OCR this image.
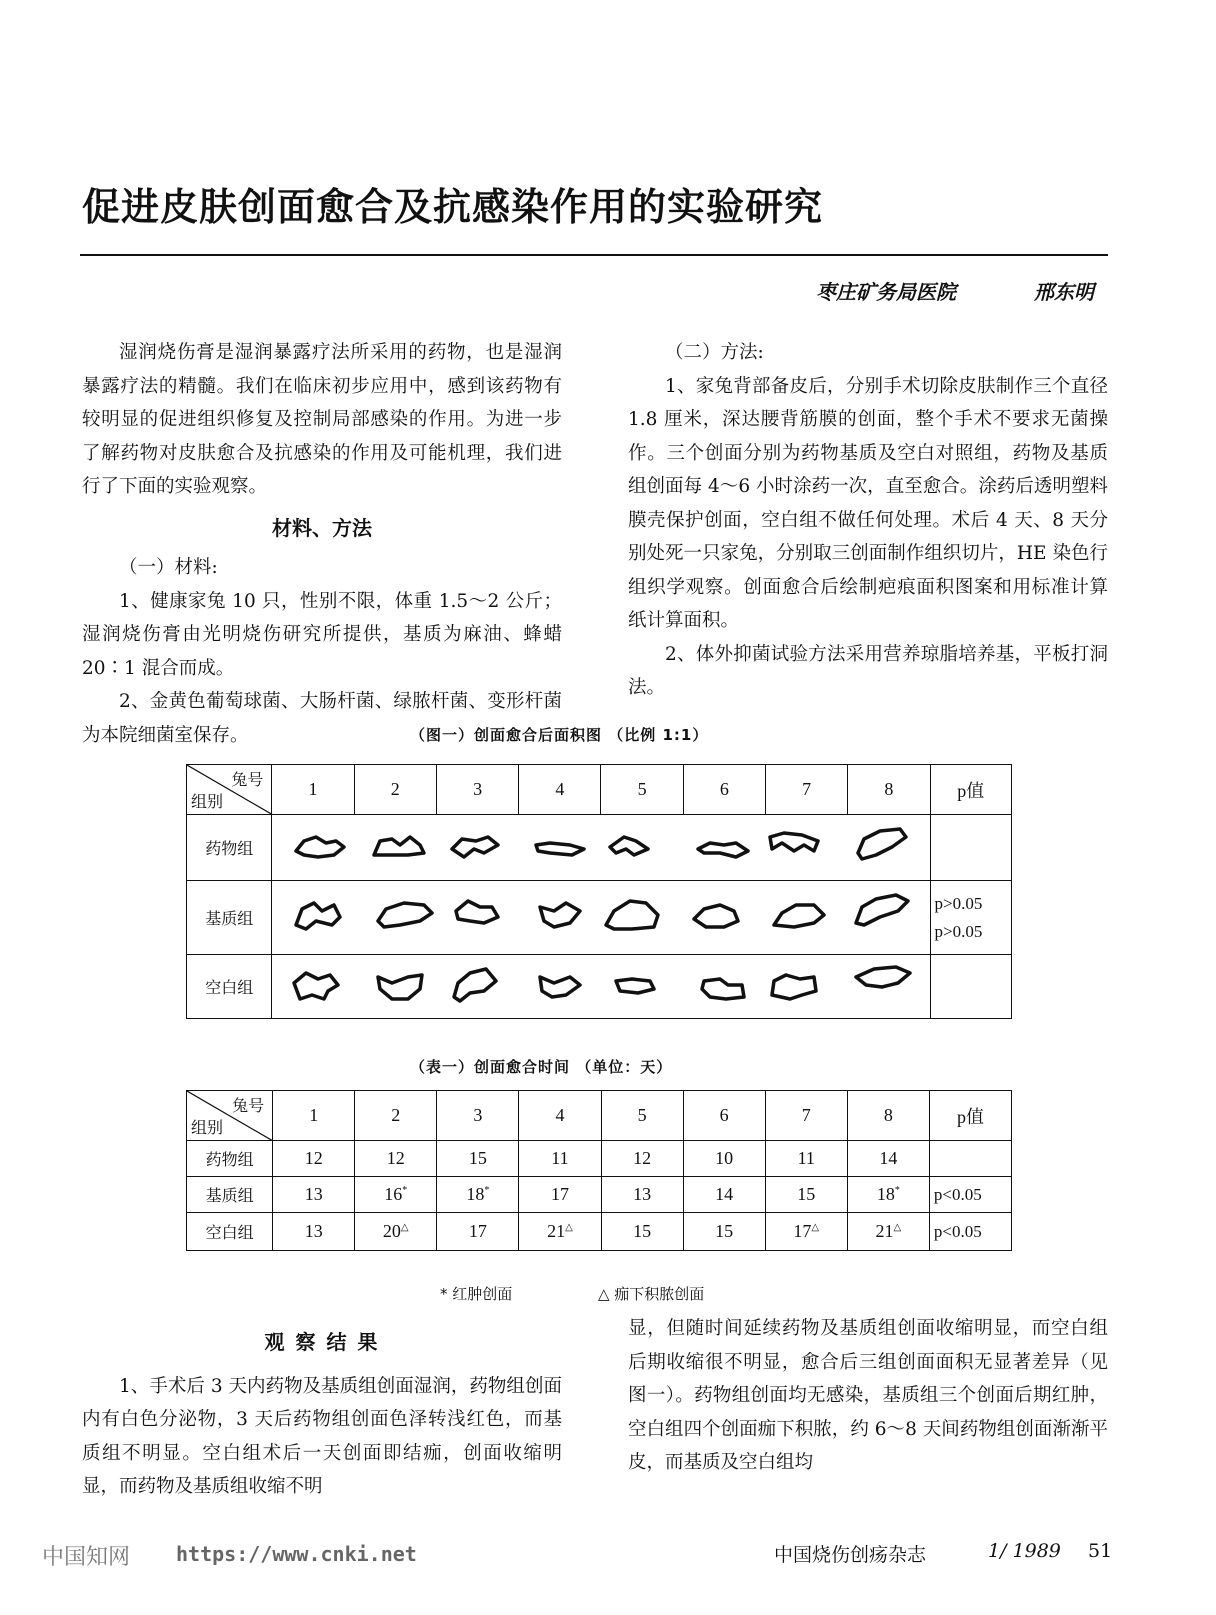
促进皮肤创面愈合及抗感染作用的实验研究
枣庄矿务局医院	邢东明

湿润烧伤膏是湿润暴露疗法所采用的药物，也是湿润暴露疗法的精髓。我们在临床初步应用中，感到该药物有较明显的促进组织修复及控制局部感染的作用。为进一步了解药物对皮肤愈合及抗感染的作用及可能机理，我们进行了下面的实验观察。

材料、方法

（一）材料:

1、健康家兔 10 只，性别不限，体重 1.5～2 公斤；湿润烧伤膏由光明烧伤研究所提供，基质为麻油、蜂蜡 20∶1 混合而成。

2、金黄色葡萄球菌、大肠杆菌、绿脓杆菌、变形杆菌为本院细菌室保存。

（二）方法:

1、家兔背部备皮后，分别手术切除皮肤制作三个直径 1.8 厘米，深达腰背筋膜的创面，整个手术不要求无菌操作。三个创面分别为药物基质及空白对照组，药物及基质组创面每 4～6 小时涂药一次，直至愈合。涂药后透明塑料膜壳保护创面，空白组不做任何处理。术后 4 天、8 天分别处死一只家兔，分别取三创面制作组织切片，HE 染色行组织学观察。创面愈合后绘制疤痕面积图案和用标准计算纸计算面积。

2、体外抑菌试验方法采用营养琼脂培养基，平板打洞法。

（图一）创面愈合后面积图 （比例 1:1）
兔号
组别	1	2	3	4	5	6	7	8	p值
药物组		
基质组									p>0.05
p>0.05

空白组		
（表一）创面愈合时间 （单位：天）
兔号
组别	1	2	3	4	5	6	7	8	p值
药物组	12	12	15	11	12	10	11	14	
基质组	13	16*	18*	17	13	14	15	18*	p<0.05
空白组	13	20△	17	21△	15	15	17△	21△	p<0.05
* 红肿创面	△ 痂下积脓创面
观 察 结 果

1、手术后 3 天内药物及基质组创面湿润，药物组创面内有白色分泌物，3 天后药物组创面色泽转浅红色，而基质组不明显。空白组术后一天创面即结痂，创面收缩明显，而药物及基质组收缩不明

显，但随时间延续药物及基质组创面收缩明显，而空白组后期收缩很不明显，愈合后三组创面面积无显著差异（见图一）。药物组创面均无感染，基质组三个创面后期红肿，空白组四个创面痂下积脓，约 6～8 天间药物组创面渐渐平皮，而基质及空白组均

中国知网 https://www.cnki.net	中国烧伤创疡杂志	1/ 1989 51
